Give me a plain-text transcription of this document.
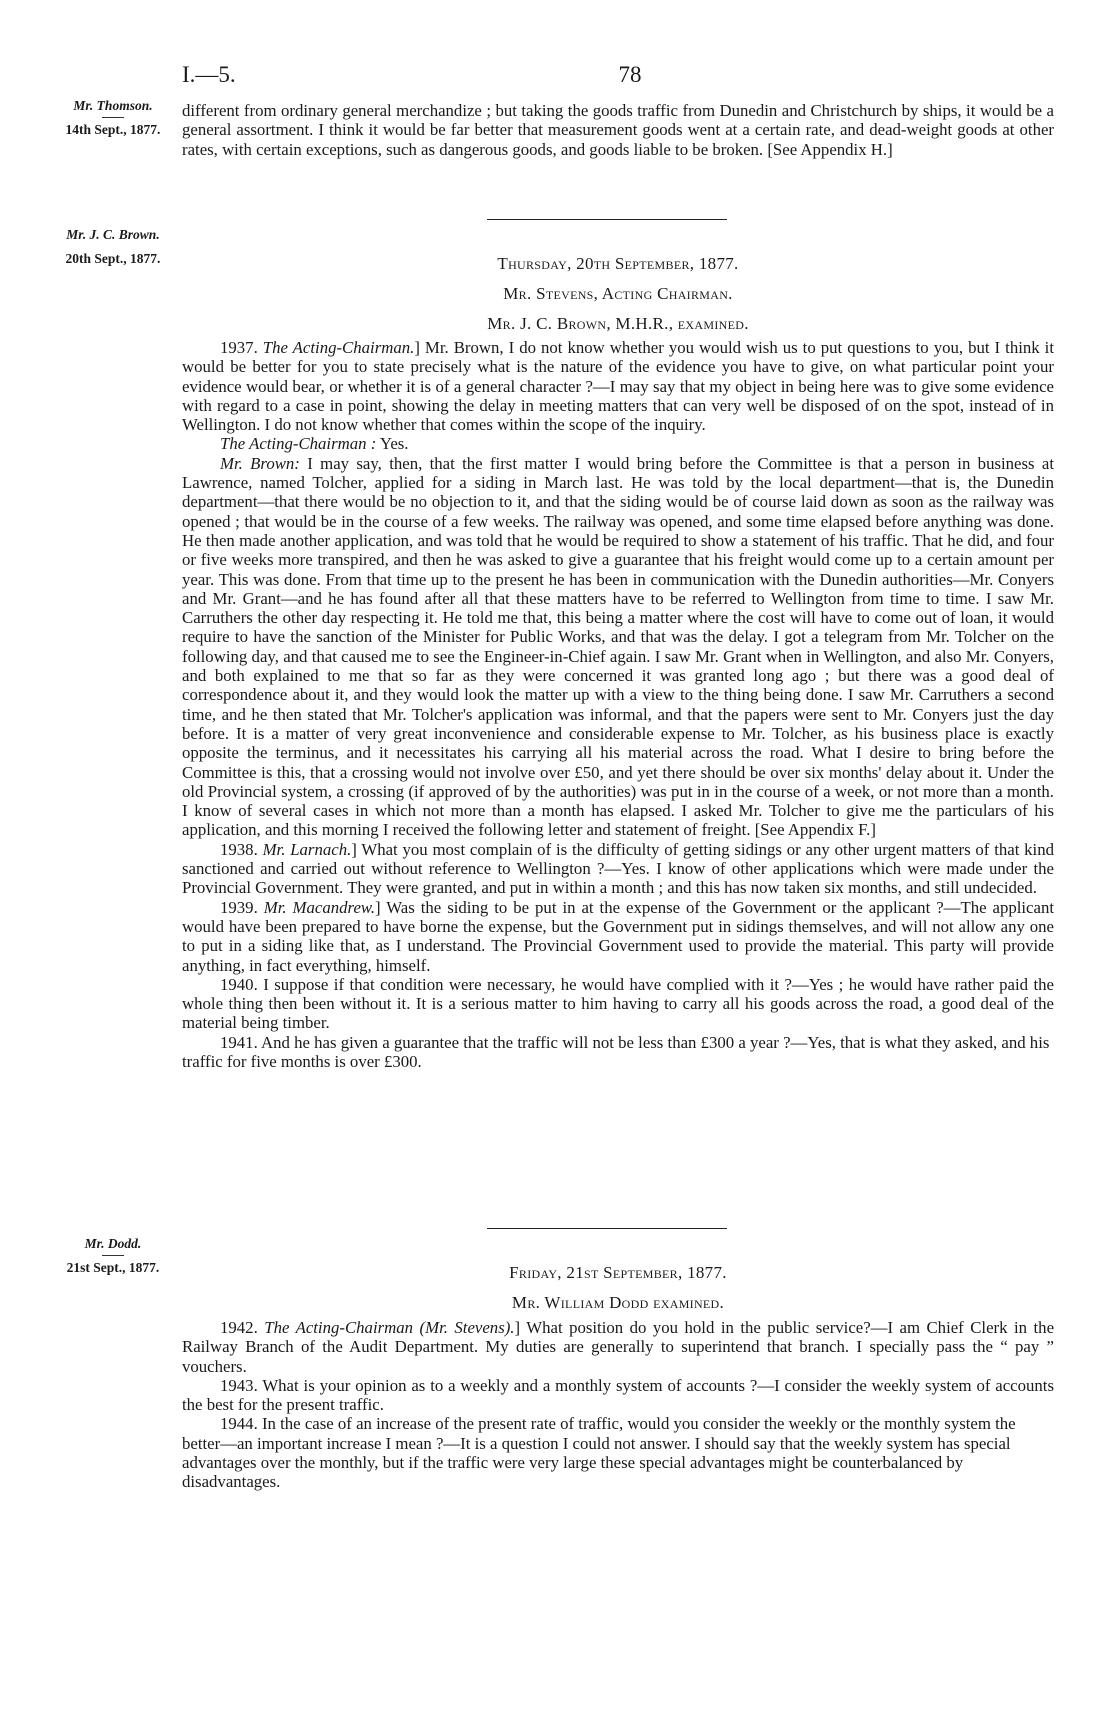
I.—5.	78
Mr. Thomson.
14th Sept., 1877.
Mr. J. C. Brown.
20th Sept., 1877.
Mr. Dodd.
21st Sept., 1877.

different from ordinary general merchandize ; but taking the goods traffic from Dunedin and Christchurch by ships, it would be a general assortment. I think it would be far better that measurement goods went at a certain rate, and dead-weight goods at other rates, with certain exceptions, such as dangerous goods, and goods liable to be broken. [See Appendix H.]

Thursday, 20th September, 1877.
Mr. Stevens, Acting Chairman.
Mr. J. C. Brown, M.H.R., examined.

1937. The Acting-Chairman.] Mr. Brown, I do not know whether you would wish us to put questions to you, but I think it would be better for you to state precisely what is the nature of the evidence you have to give, on what particular point your evidence would bear, or whether it is of a general character ?—I may say that my object in being here was to give some evidence with regard to a case in point, showing the delay in meeting matters that can very well be disposed of on the spot, instead of in Wellington. I do not know whether that comes within the scope of the inquiry.

The Acting-Chairman : Yes.

Mr. Brown: I may say, then, that the first matter I would bring before the Committee is that a person in business at Lawrence, named Tolcher, applied for a siding in March last. He was told by the local department—that is, the Dunedin department—that there would be no objection to it, and that the siding would be of course laid down as soon as the railway was opened ; that would be in the course of a few weeks. The railway was opened, and some time elapsed before anything was done. He then made another application, and was told that he would be required to show a statement of his traffic. That he did, and four or five weeks more transpired, and then he was asked to give a guarantee that his freight would come up to a certain amount per year. This was done. From that time up to the present he has been in communication with the Dunedin authorities—Mr. Conyers and Mr. Grant—and he has found after all that these matters have to be referred to Wellington from time to time. I saw Mr. Carruthers the other day respecting it. He told me that, this being a matter where the cost will have to come out of loan, it would require to have the sanction of the Minister for Public Works, and that was the delay. I got a telegram from Mr. Tolcher on the following day, and that caused me to see the Engineer-in-Chief again. I saw Mr. Grant when in Wellington, and also Mr. Conyers, and both explained to me that so far as they were concerned it was granted long ago ; but there was a good deal of correspondence about it, and they would look the matter up with a view to the thing being done. I saw Mr. Carruthers a second time, and he then stated that Mr. Tolcher's application was informal, and that the papers were sent to Mr. Conyers just the day before. It is a matter of very great inconvenience and considerable expense to Mr. Tolcher, as his business place is exactly opposite the terminus, and it necessitates his carrying all his material across the road. What I desire to bring before the Committee is this, that a crossing would not involve over £50, and yet there should be over six months' delay about it. Under the old Provincial system, a crossing (if approved of by the authorities) was put in in the course of a week, or not more than a month. I know of several cases in which not more than a month has elapsed. I asked Mr. Tolcher to give me the particulars of his application, and this morning I received the following letter and statement of freight. [See Appendix F.]

1938. Mr. Larnach.] What you most complain of is the difficulty of getting sidings or any other urgent matters of that kind sanctioned and carried out without reference to Wellington ?—Yes. I know of other applications which were made under the Provincial Government. They were granted, and put in within a month ; and this has now taken six months, and still undecided.

1939. Mr. Macandrew.] Was the siding to be put in at the expense of the Government or the applicant ?—The applicant would have been prepared to have borne the expense, but the Government put in sidings themselves, and will not allow any one to put in a siding like that, as I understand. The Provincial Government used to provide the material. This party will provide anything, in fact everything, himself.

1940. I suppose if that condition were necessary, he would have complied with it ?—Yes ; he would have rather paid the whole thing then been without it. It is a serious matter to him having to carry all his goods across the road, a good deal of the material being timber.

1941. And he has given a guarantee that the traffic will not be less than £300 a year ?—Yes, that is what they asked, and his traffic for five months is over £300.

Friday, 21st September, 1877.
Mr. William Dodd examined.

1942. The Acting-Chairman (Mr. Stevens).] What position do you hold in the public service?—I am Chief Clerk in the Railway Branch of the Audit Department. My duties are generally to superintend that branch. I specially pass the “ pay ” vouchers.

1943. What is your opinion as to a weekly and a monthly system of accounts ?—I consider the weekly system of accounts the best for the present traffic.

1944. In the case of an increase of the present rate of traffic, would you consider the weekly or the monthly system the better—an important increase I mean ?—It is a question I could not answer. I should say that the weekly system has special advantages over the monthly, but if the traffic were very large these special advantages might be counterbalanced by disadvantages.
